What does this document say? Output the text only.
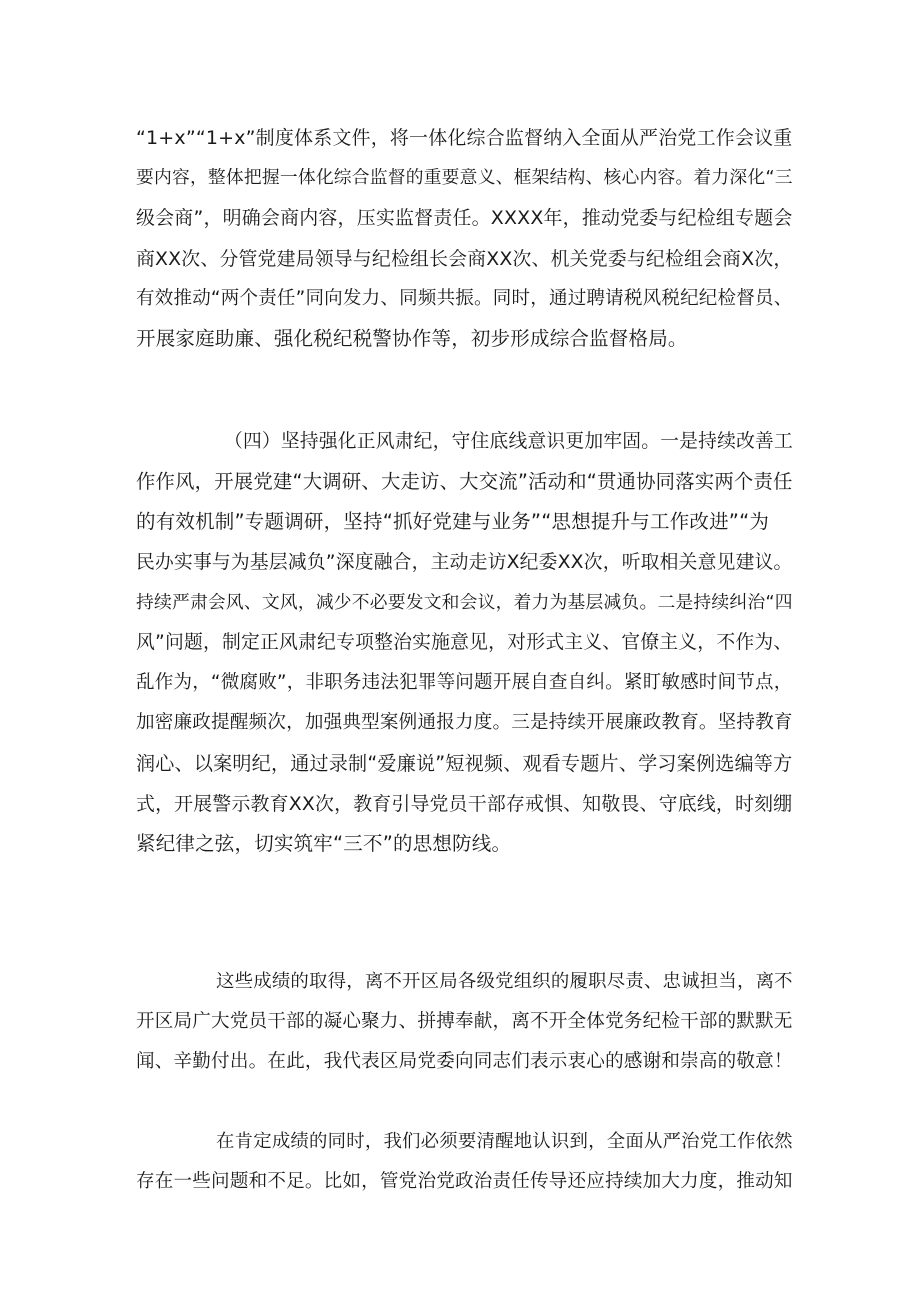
“1+x”“1+x”制度体系文件，将一体化综合监督纳入全面从严治党工作会议重
要内容，整体把握一体化综合监督的重要意义、框架结构、核心内容。着力深化“三
级会商”，明确会商内容，压实监督责任。XXXX年，推动党委与纪检组专题会
商XX次、分管党建局领导与纪检组长会商XX次、机关党委与纪检组会商X次，
有效推动“两个责任”同向发力、同频共振。同时，通过聘请税风税纪纪检督员、
开展家庭助廉、强化税纪税警协作等，初步形成综合监督格局。
（四）坚持强化正风肃纪，守住底线意识更加牢固。一是持续改善工
作作风，开展党建“大调研、大走访、大交流”活动和“贯通协同落实两个责任
的有效机制”专题调研，坚持“抓好党建与业务”“思想提升与工作改进”“为
民办实事与为基层减负”深度融合，主动走访X纪委XX次，听取相关意见建议。
持续严肃会风、文风，减少不必要发文和会议，着力为基层减负。二是持续纠治“四
风”问题，制定正风肃纪专项整治实施意见，对形式主义、官僚主义，不作为、
乱作为，“微腐败”，非职务违法犯罪等问题开展自查自纠。紧盯敏感时间节点，
加密廉政提醒频次，加强典型案例通报力度。三是持续开展廉政教育。坚持教育
润心、以案明纪，通过录制“爱廉说”短视频、观看专题片、学习案例选编等方
式，开展警示教育XX次，教育引导党员干部存戒惧、知敬畏、守底线，时刻绷
紧纪律之弦，切实筑牢“三不”的思想防线。
这些成绩的取得，离不开区局各级党组织的履职尽责、忠诚担当，离不
开区局广大党员干部的凝心聚力、拼搏奉献，离不开全体党务纪检干部的默默无
闻、辛勤付出。在此，我代表区局党委向同志们表示衷心的感谢和崇高的敬意！
在肯定成绩的同时，我们必须要清醒地认识到，全面从严治党工作依然
存在一些问题和不足。比如，管党治党政治责任传导还应持续加大力度，推动知
